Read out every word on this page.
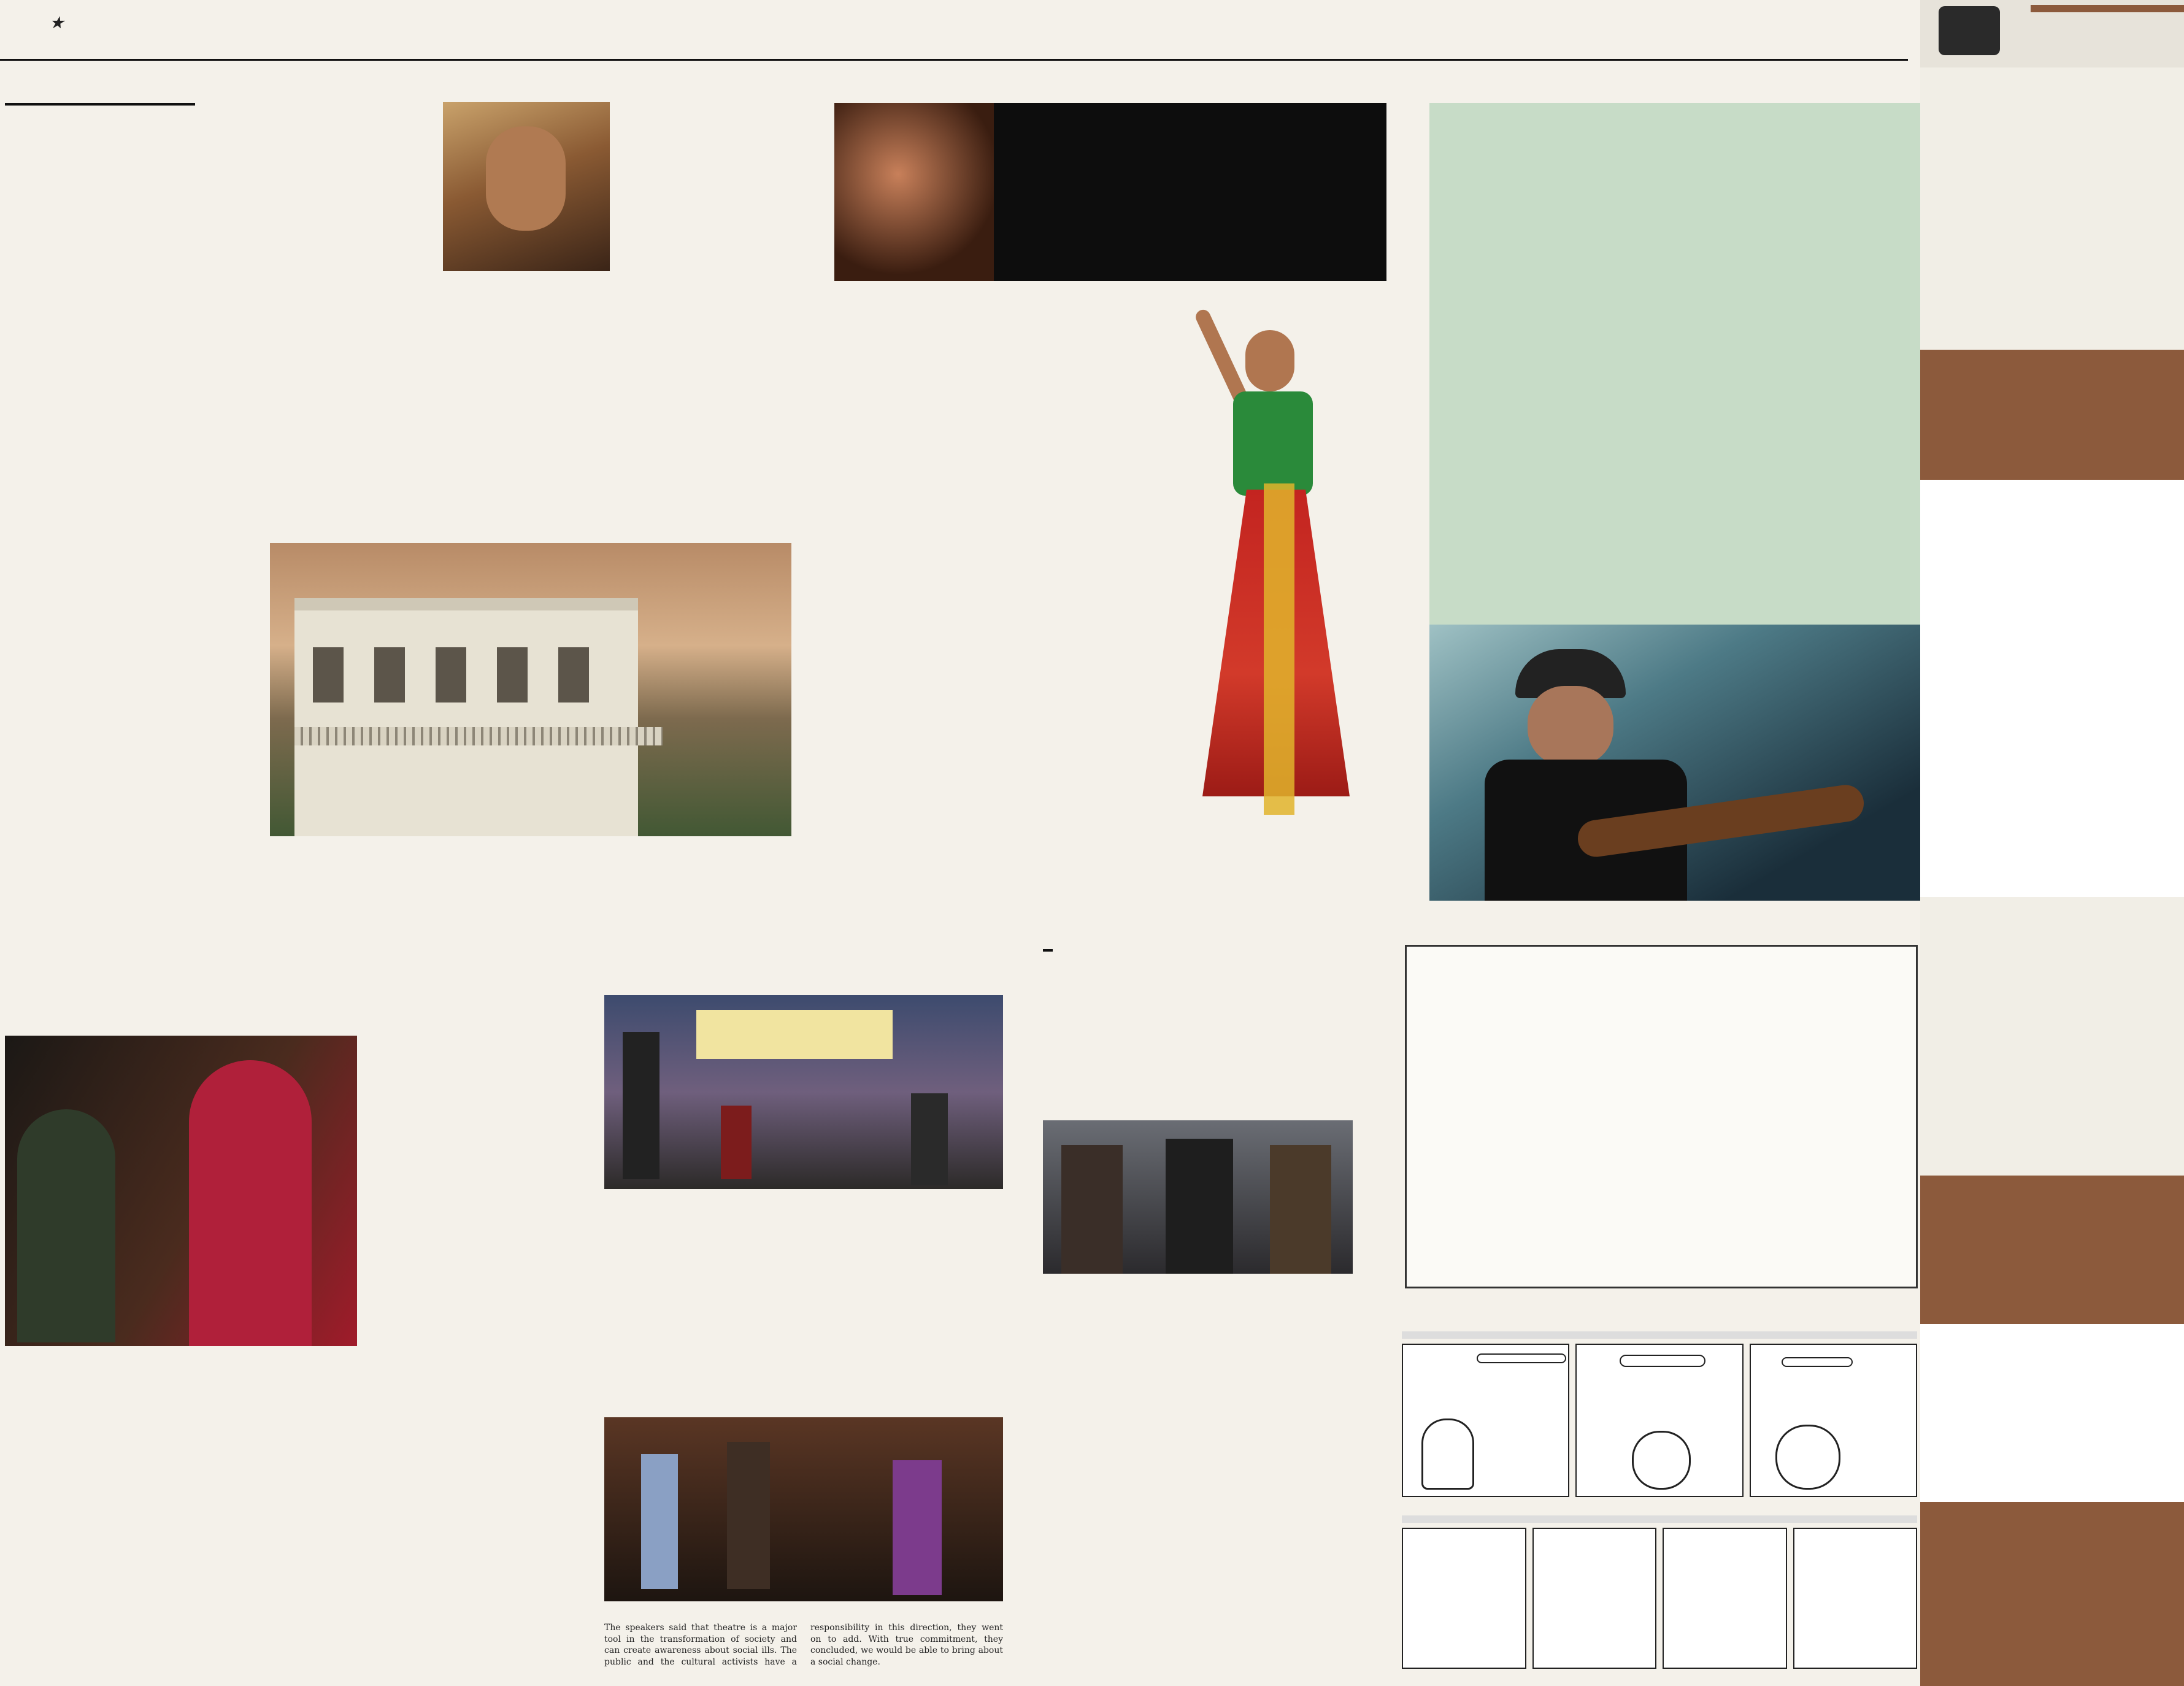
★
The speakers said that theatre is a major tool in the transformation of society and can create awareness about social ills. The public and the cultural activists have a responsibility in this direction, they went on to add. With true commitment, they concluded, we would be able to bring about a social change.
